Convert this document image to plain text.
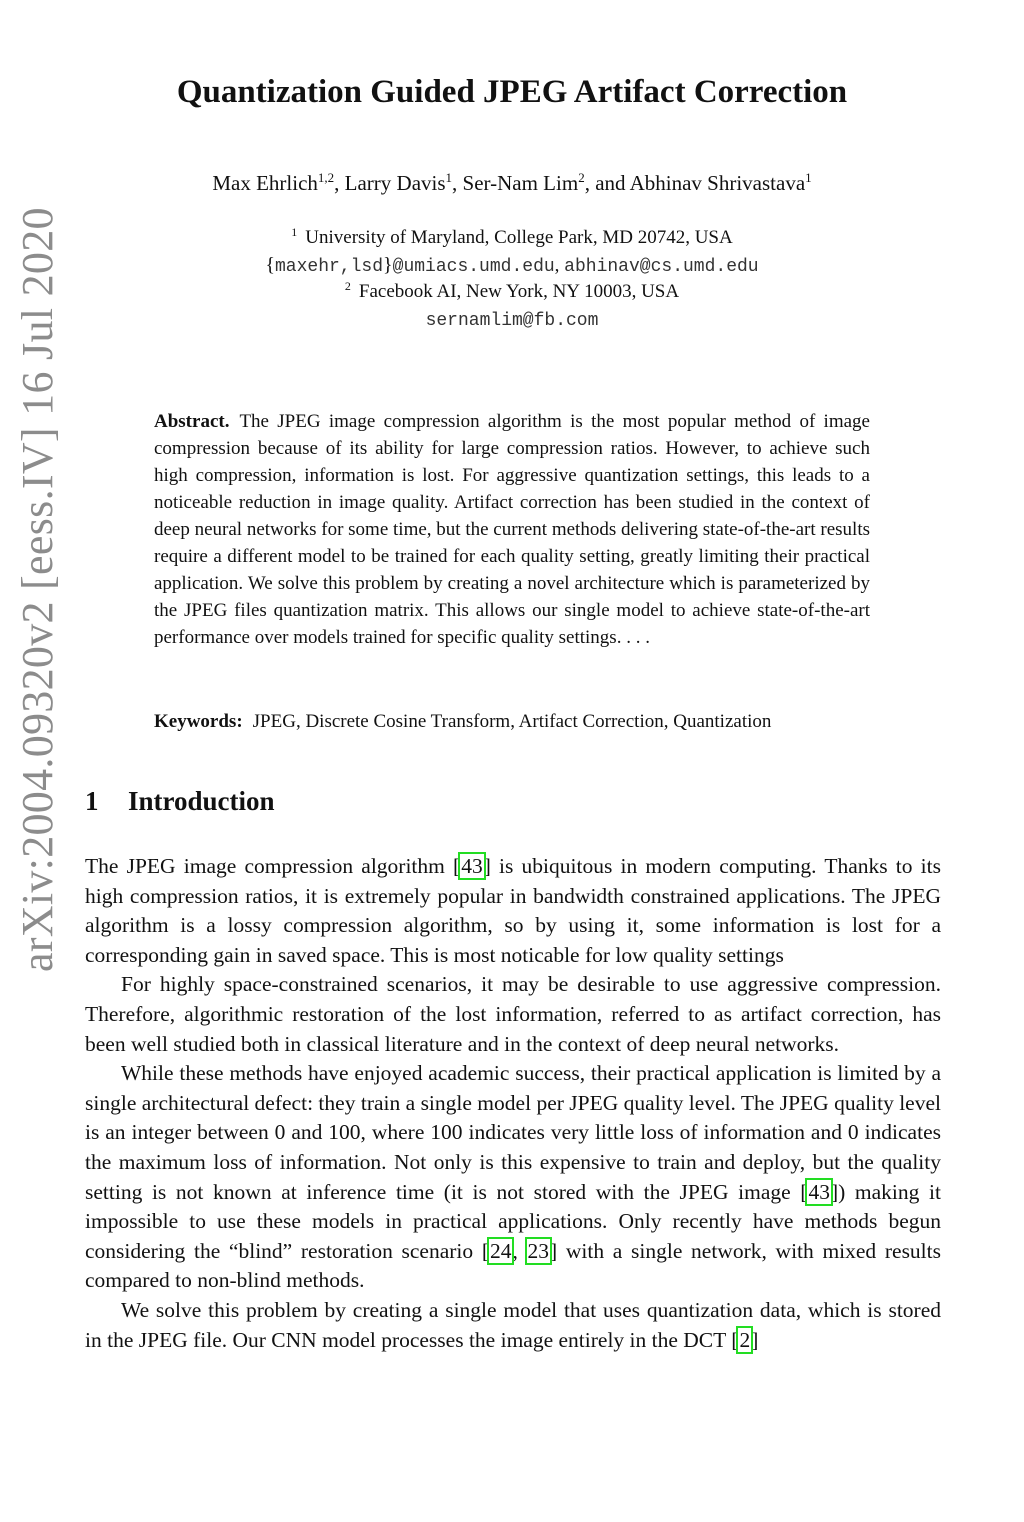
arXiv:2004.09320v2 [eess.IV] 16 Jul 2020
Quantization Guided JPEG Artifact Correction
Max Ehrlich$^{1,2}$, Larry Davis$^1$, Ser-Nam Lim$^2$, and Abhinav Shrivastava$^1$
$^1$ University of Maryland, College Park, MD 20742, USA
{maxehr,lsd}@umiacs.umd.edu, abhinav@cs.umd.edu
$^2$ Facebook AI, New York, NY 10003, USA
sernamlim@fb.com

Abstract. The JPEG image compression algorithm is the most popular method of image compression because of its ability for large compression ratios. However, to achieve such high compression, information is lost. For aggressive quantization settings, this leads to a noticeable reduction in image quality. Artifact correction has been studied in the context of deep neural networks for some time, but the current methods delivering state-of-the-art results require a different model to be trained for each quality setting, greatly limiting their practical application. We solve this problem by creating a novel architecture which is parameterized by the JPEG files quantization matrix. This allows our single model to achieve state-of-the-art performance over models trained for specific quality settings. . . .

Keywords: JPEG, Discrete Cosine Transform, Artifact Correction, Quantization

1 Introduction

The JPEG image compression algorithm [43] is ubiquitous in modern computing. Thanks to its high compression ratios, it is extremely popular in bandwidth constrained applications. The JPEG algorithm is a lossy compression algorithm, so by using it, some information is lost for a corresponding gain in saved space. This is most noticable for low quality settings

For highly space-constrained scenarios, it may be desirable to use aggressive compression. Therefore, algorithmic restoration of the lost information, referred to as artifact correction, has been well studied both in classical literature and in the context of deep neural networks.

While these methods have enjoyed academic success, their practical application is limited by a single architectural defect: they train a single model per JPEG quality level. The JPEG quality level is an integer between 0 and 100, where 100 indicates very little loss of information and 0 indicates the maximum loss of information. Not only is this expensive to train and deploy, but the quality setting is not known at inference time (it is not stored with the JPEG image [43]) making it impossible to use these models in practical applications. Only recently have methods begun considering the “blind” restoration scenario [24, 23] with a single network, with mixed results compared to non-blind methods.

We solve this problem by creating a single model that uses quantization data, which is stored in the JPEG file. Our CNN model processes the image entirely in the DCT [2]
